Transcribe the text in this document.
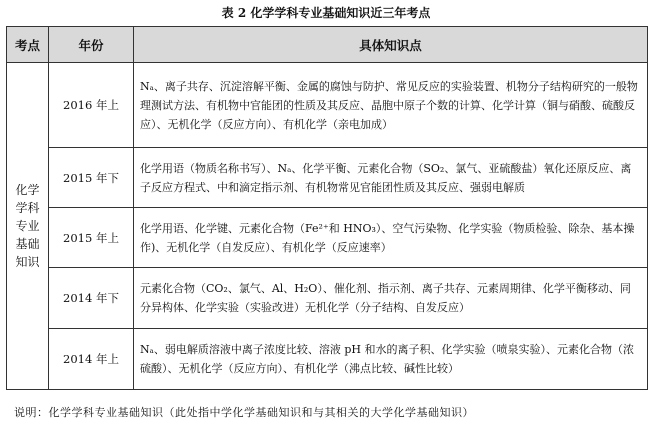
表 2 化学学科专业基础知识近三年考点
考点	年份	具体知识点
化学学科专业基础知识	2016 年上	Nₐ、离子共存、沉淀溶解平衡、金属的腐蚀与防护、常见反应的实验装置、机物分子结构研究的一般物理测试方法、有机物中官能团的性质及其反应、晶胞中原子个数的计算、化学计算（铜与硝酸、硫酸反应）、无机化学（反应方向）、有机化学（亲电加成）
	2015 年下	化学用语（物质名称书写）、Nₐ、化学平衡、元素化合物（SO₂、氯气、亚硫酸盐）氧化还原反应、离子反应方程式、中和滴定指示剂、有机物常见官能团性质及其反应、强弱电解质
	2015 年上	化学用语、化学键、元素化合物（Fe²⁺和 HNO₃）、空气污染物、化学实验（物质检验、除杂、基本操作)、无机化学（自发反应）、有机化学（反应速率）
	2014 年下	元素化合物（CO₂、氯气、Al、H₂O）、催化剂、指示剂、离子共存、元素周期律、化学平衡移动、同分异构体、化学实验（实验改进）无机化学（分子结构、自发反应）
	2014 年上	Nₐ、弱电解质溶液中离子浓度比较、溶液 pH 和水的离子积、化学实验（喷泉实验）、元素化合物（浓硫酸）、无机化学（反应方向）、有机化学（沸点比较、碱性比较）
说明：化学学科专业基础知识（此处指中学化学基础知识和与其相关的大学化学基础知识）
